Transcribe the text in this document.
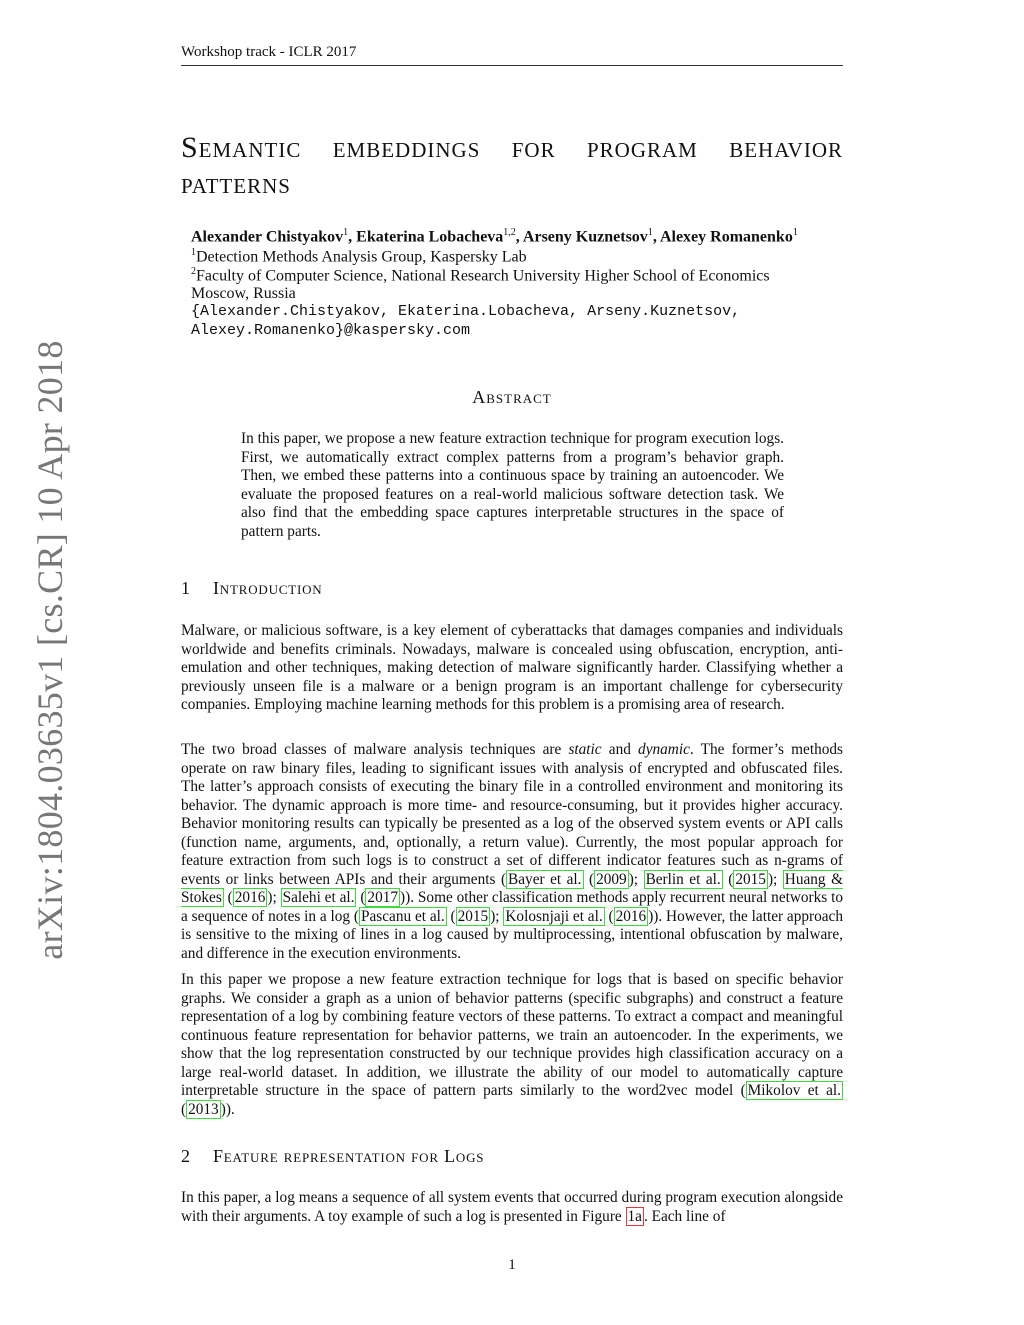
Workshop track - ICLR 2017
arXiv:1804.03635v1 [cs.CR] 10 Apr 2018
Semantic embeddings for program behavior
patterns
Alexander Chistyakov$^1$, Ekaterina Lobacheva$^{1,2}$, Arseny Kuznetsov$^1$, Alexey Romanenko$^1$
$^1$Detection Methods Analysis Group, Kaspersky Lab
$^2$Faculty of Computer Science, National Research University Higher School of Economics
Moscow, Russia
{Alexander.Chistyakov, Ekaterina.Lobacheva, Arseny.Kuznetsov,
Alexey.Romanenko}@kaspersky.com
Abstract
In this paper, we propose a new feature extraction technique for program execution logs. First, we automatically extract complex patterns from a program’s behavior graph. Then, we embed these patterns into a continuous space by training an autoencoder. We evaluate the proposed features on a real-world malicious software detection task. We also find that the embedding space captures interpretable structures in the space of pattern parts.
1 Introduction
Malware, or malicious software, is a key element of cyberattacks that damages companies and individuals worldwide and benefits criminals. Nowadays, malware is concealed using obfuscation, encryption, anti-emulation and other techniques, making detection of malware significantly harder. Classifying whether a previously unseen file is a malware or a benign program is an important challenge for cybersecurity companies. Employing machine learning methods for this problem is a promising area of research.
The two broad classes of malware analysis techniques are static and dynamic. The former’s methods operate on raw binary files, leading to significant issues with analysis of encrypted and obfuscated files. The latter’s approach consists of executing the binary file in a controlled environment and monitoring its behavior. The dynamic approach is more time- and resource-consuming, but it provides higher accuracy. Behavior monitoring results can typically be presented as a log of the observed system events or API calls (function name, arguments, and, optionally, a return value). Currently, the most popular approach for feature extraction from such logs is to construct a set of different indicator features such as n-grams of events or links between APIs and their arguments ( Bayer et al. ( 2009 ); Berlin et al. ( 2015 ); Huang & Stokes ( 2016 ); Salehi et al. ( 2017 )). Some other classification methods apply recurrent neural networks to a sequence of notes in a log ( Pascanu et al. ( 2015 ); Kolosnjaji et al. ( 2016 )). However, the latter approach is sensitive to the mixing of lines in a log caused by multiprocessing, intentional obfuscation by malware, and difference in the execution environments.
In this paper we propose a new feature extraction technique for logs that is based on specific behavior graphs. We consider a graph as a union of behavior patterns (specific subgraphs) and construct a feature representation of a log by combining feature vectors of these patterns. To extract a compact and meaningful continuous feature representation for behavior patterns, we train an autoencoder. In the experiments, we show that the log representation constructed by our technique provides high classification accuracy on a large real-world dataset. In addition, we illustrate the ability of our model to automatically capture interpretable structure in the space of pattern parts similarly to the word2vec model ( Mikolov et al. ( 2013 )).
2 Feature representation for Logs
In this paper, a log means a sequence of all system events that occurred during program execution alongside with their arguments. A toy example of such a log is presented in Figure 1a . Each line of
1
